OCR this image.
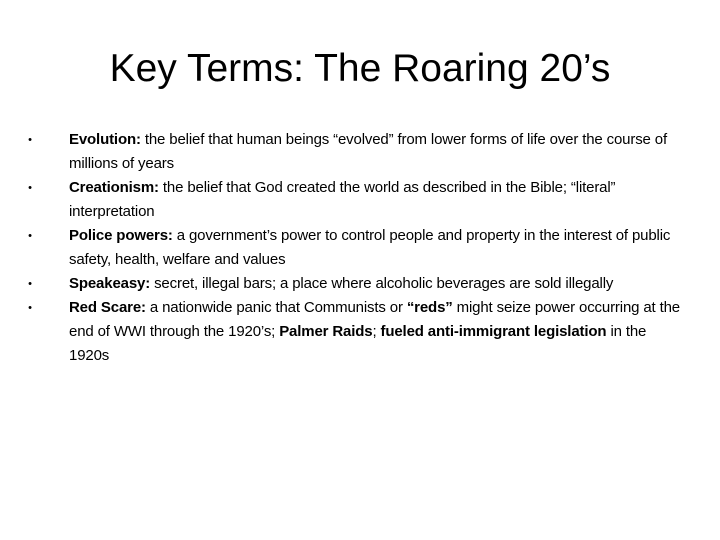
Key Terms: The Roaring 20’s
• Evolution: the belief that human beings “evolved” from lower forms of life over the course of millions of years
• Creationism: the belief that God created the world as described in the Bible; “literal” interpretation
• Police powers: a government’s power to control people and property in the interest of public safety, health, welfare and values
• Speakeasy: secret, illegal bars; a place where alcoholic beverages are sold illegally
• Red Scare: a nationwide panic that Communists or “reds” might seize power occurring at the end of WWI through the 1920’s; Palmer Raids; fueled anti-immigrant legislation in the 1920s
